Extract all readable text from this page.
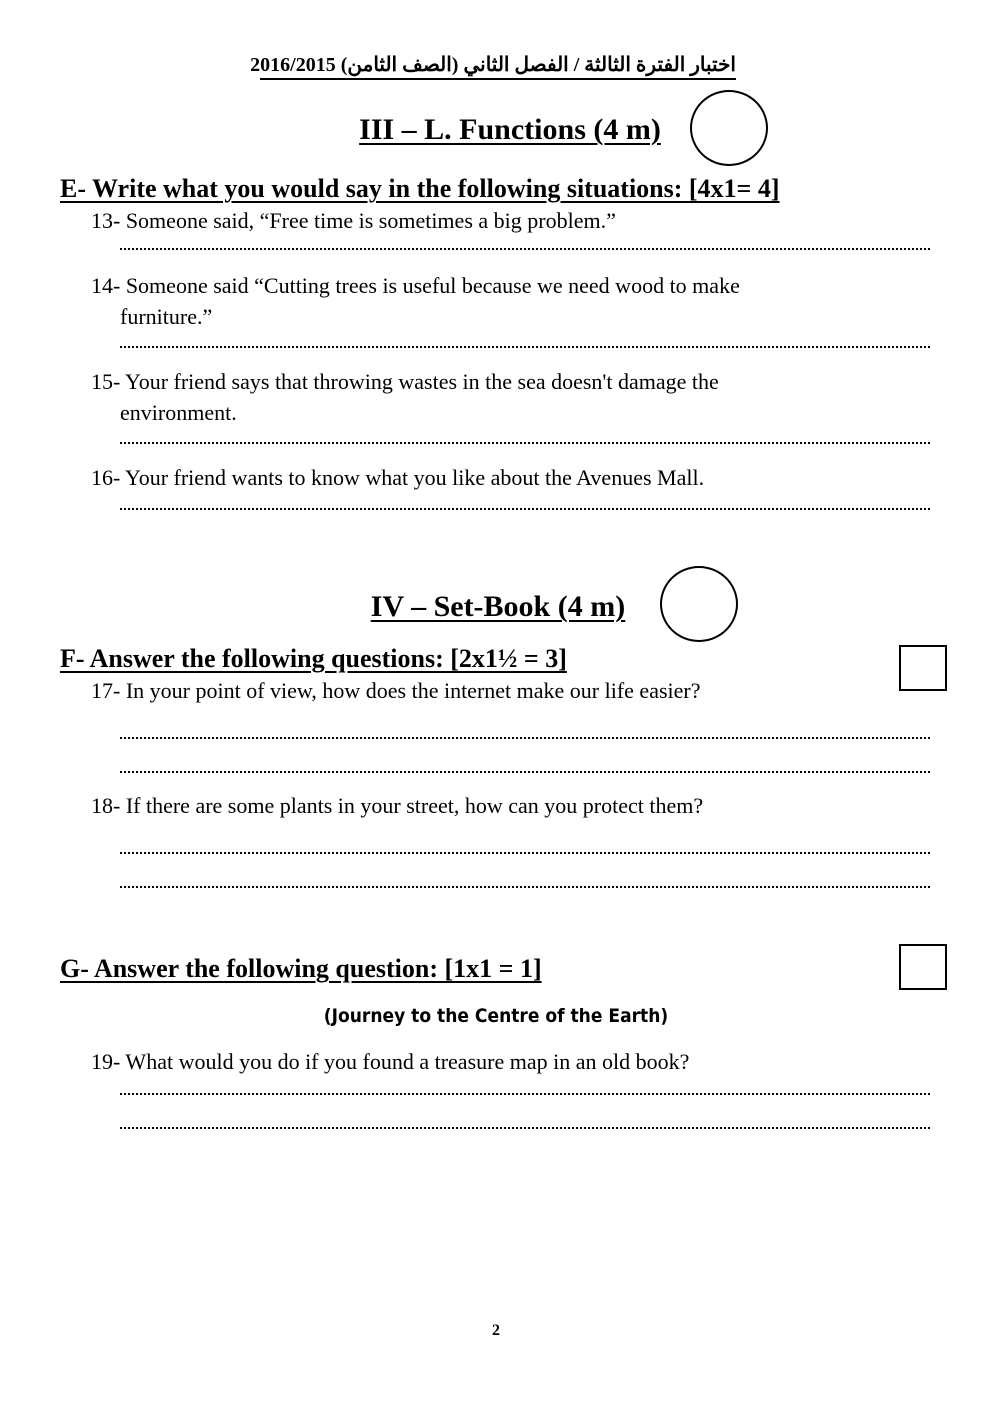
اختبار الفترة الثالثة / الفصل الثاني (الصف الثامن) 2016/2015
III – L. Functions (4 m)
E- Write what you would say in the following situations: [4x1= 4]
13- Someone said, “Free time is sometimes a big problem.”
14- Someone said “Cutting trees is useful because we need wood to make
furniture.”
15- Your friend says that throwing wastes in the sea doesn't damage the
environment.
16- Your friend wants to know what you like about the Avenues Mall.
IV – Set-Book (4 m)
F- Answer the following questions: [2x1½ = 3]
17- In your point of view, how does the internet make our life easier?
18- If there are some plants in your street, how can you protect them?
G- Answer the following question: [1x1 = 1]
(Journey to the Centre of the Earth)
19- What would you do if you found a treasure map in an old book?
2
